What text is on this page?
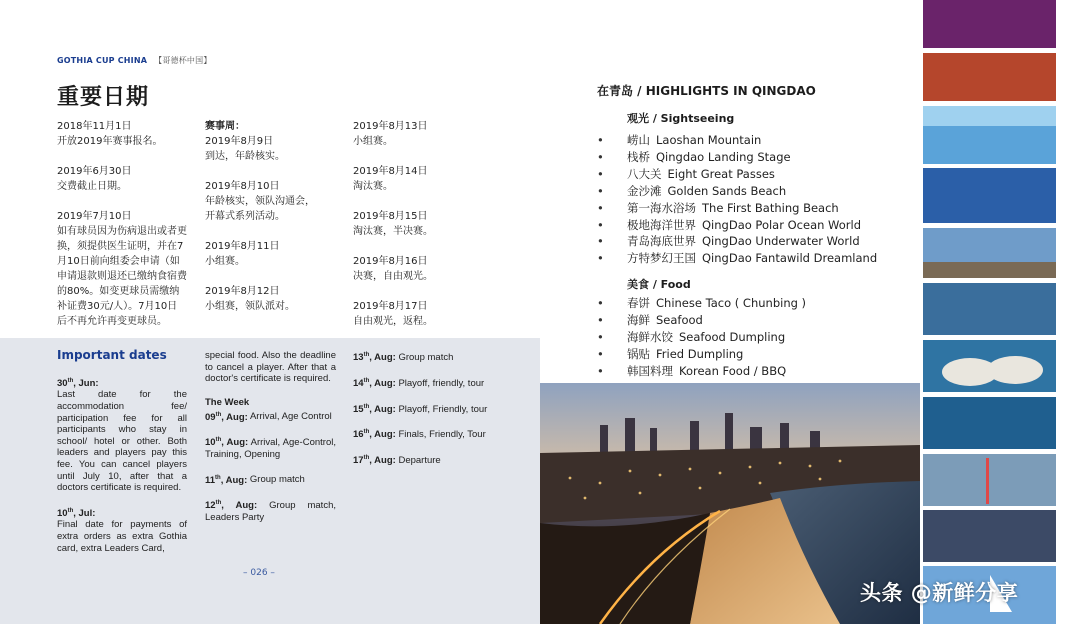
GOTHIA CUP CHINA 【哥德杯中国】
重要日期
2018年11月1日
开放2019年赛事报名。
2019年6月30日
交费截止日期。
2019年7月10日
如有球员因为伤病退出或者更
换，须提供医生证明，并在7
月10日前向组委会申请（如
申请退款则退还已缴纳食宿费
的80%。如变更球员需缴纳
补证费30元/人）。7月10日
后不再允许再变更球员。
赛事周：
2019年8月9日
到达，年龄核实。
2019年8月10日
年龄核实，领队沟通会，
开幕式系列活动。
2019年8月11日
小组赛。
2019年8月12日
小组赛，领队派对。
2019年8月13日
小组赛。
2019年8月14日
淘汰赛。
2019年8月15日
淘汰赛，半决赛。
2019年8月16日
决赛，自由观光。
2019年8月17日
自由观光，返程。
Important dates
30th, Jun:
Last date for the accommodation fee/ participation fee for all participants who stay in school/ hotel or other. Both leaders and players pay this fee. You can cancel players until July 10, after that a doctors certificate is required.
10th, Jul:
Final date for payments of extra orders as extra Gothia card, extra Leaders Card,
special food. Also the deadline to cancel a player. After that a doctor's certificate is required.
The Week
09th, Aug: Arrival, Age Control
10th, Aug: Arrival, Age-Control, Training, Opening
11th, Aug: Group match
12th, Aug: Group match, Leaders Party
13th, Aug: Group match
14th, Aug: Playoff, friendly, tour
15th, Aug: Playoff, Friendly, tour
16th, Aug: Finals, Friendly, Tour
17th, Aug: Departure
– 026 –
在青岛 / HIGHLIGHTS IN QINGDAO
观光 / Sightseeing
• 崂山 Laoshan Mountain
• 栈桥 Qingdao Landing Stage
• 八大关 Eight Great Passes
• 金沙滩 Golden Sands Beach
• 第一海水浴场 The First Bathing Beach
• 极地海洋世界 QingDao Polar Ocean World
• 青岛海底世界 QingDao Underwater World
• 方特梦幻王国 QingDao Fantawild Dreamland
美食 / Food
• 春饼 Chinese Taco ( Chunbing )
• 海鲜 Seafood
• 海鲜水饺 Seafood Dumpling
• 锅贴 Fried Dumpling
• 韩国料理 Korean Food / BBQ
头条 @新鲜分享
